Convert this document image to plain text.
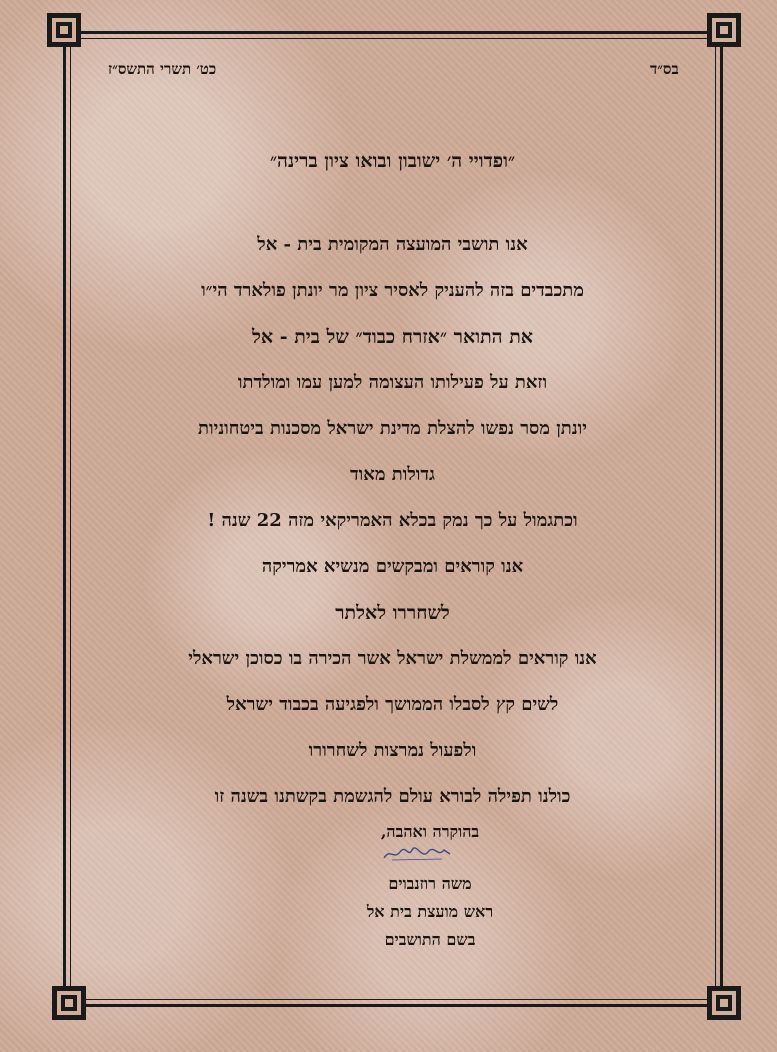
כט׳ תשרי התשס״ז	בס״ד
״ופדויי ה׳ ישובון ובואו ציון ברינה״
אנו תושבי המועצה המקומית בית - אל
מתכבדים בזה להעניק לאסיר ציון מר יונתן פולארד הי״ו
את התואר ״אזרח כבוד״ של בית - אל
וזאת על פעילותו העצומה למען עמו ומולדתו
יונתן מסר נפשו להצלת מדינת ישראל מסכנות ביטחוניות
גדולות מאוד
וכתגמול על כך נמק בכלא האמריקאי מזה 22 שנה !
אנו קוראים ומבקשים מנשיא אמריקה
לשחררו לאלתר
אנו קוראים לממשלת ישראל אשר הכירה בו כסוכן ישראלי
לשים קץ לסבלו הממושך ולפגיעה בכבוד ישראל
ולפעול נמרצות לשחרורו
כולנו תפילה לבורא עולם להגשמת בקשתנו בשנה זו
בהוקרה ואהבה,
משה רוזנבוים
ראש מועצת בית אל
בשם התושבים
